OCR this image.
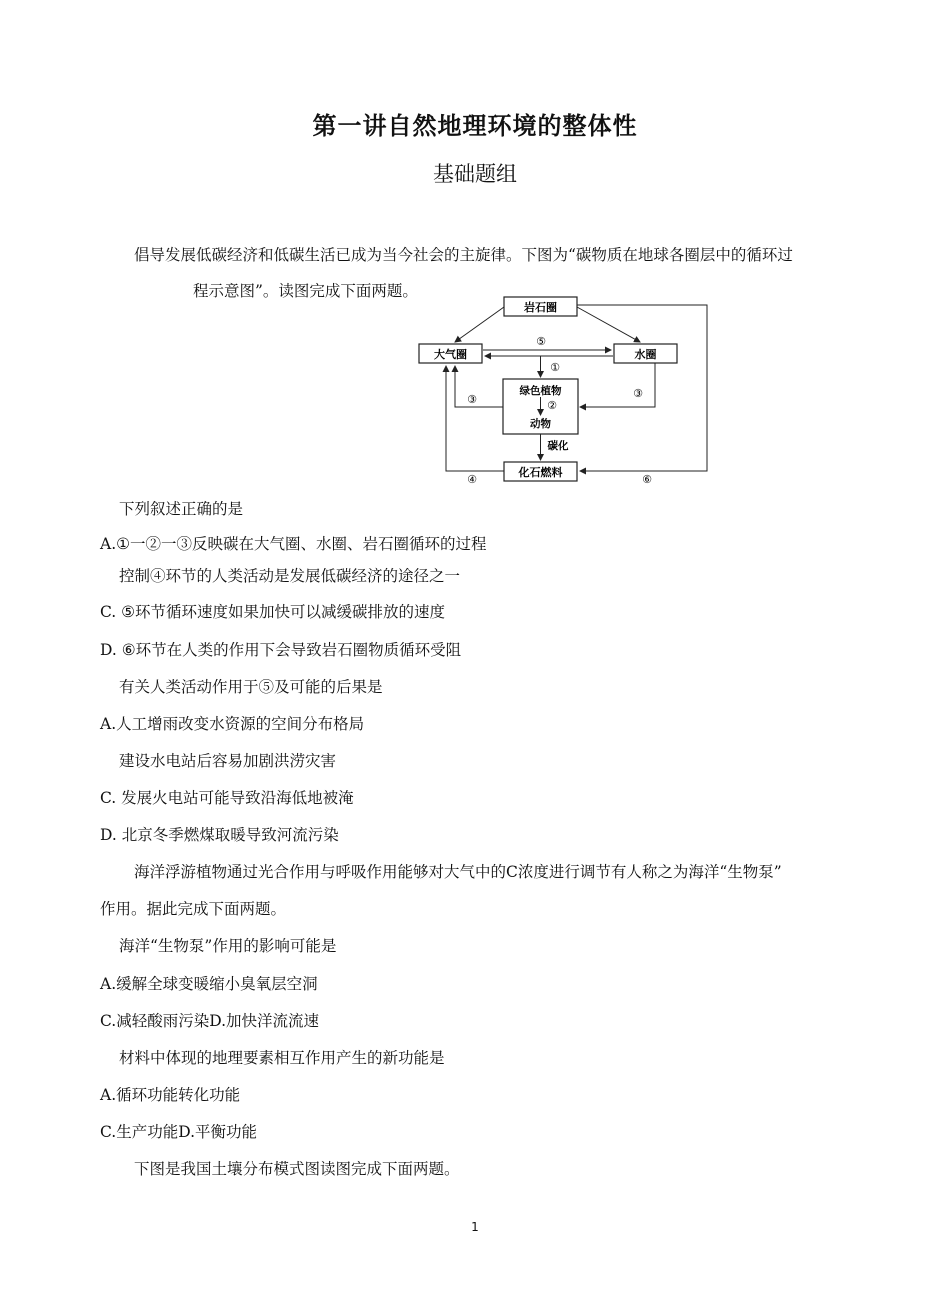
第一讲自然地理环境的整体性
基础题组
倡导发展低碳经济和低碳生活已成为当今社会的主旋律。下图为“碳物质在地球各圈层中的循环过
程示意图”。读图完成下面两题。
岩石圈
大气圈	水圈
绿色植物
动物
化石燃料
⑤
①
②
③	③
碳化
④	⑥
下列叙述正确的是
A.①一②一③反映碳在大气圈、水圈、岩石圈循环的过程
控制④环节的人类活动是发展低碳经济的途径之一
C. ⑤环节循环速度如果加快可以减缓碳排放的速度
D. ⑥环节在人类的作用下会导致岩石圈物质循环受阻
有关人类活动作用于⑤及可能的后果是
A.人工增雨改变水资源的空间分布格局
建设水电站后容易加剧洪涝灾害
C. 发展火电站可能导致沿海低地被淹
D. 北京冬季燃煤取暖导致河流污染
海洋浮游植物通过光合作用与呼吸作用能够对大气中的C浓度进行调节有人称之为海洋“生物泵”
作用。据此完成下面两题。
海洋“生物泵”作用的影响可能是
A.缓解全球变暖缩小臭氧层空洞
C.减轻酸雨污染D.加快洋流流速
材料中体现的地理要素相互作用产生的新功能是
A.循环功能转化功能
C.生产功能D.平衡功能
下图是我国土壤分布模式图读图完成下面两题。
1
